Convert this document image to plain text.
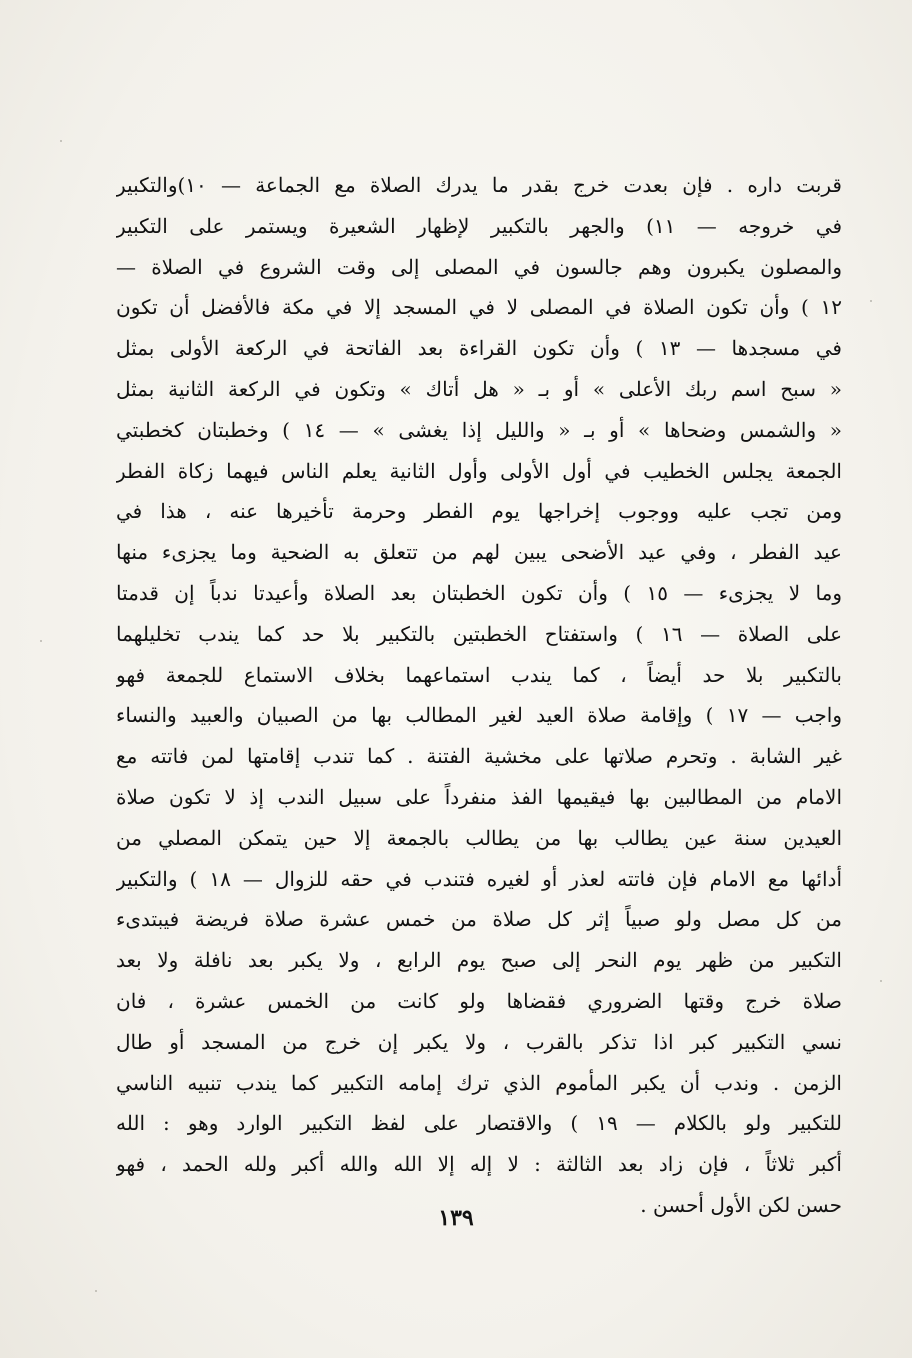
قربت داره . فإن بعدت خرج بقدر ما يدرك الصلاة مع الجماعة — ١٠)والتكبير
في خروجه — ١١) والجهر بالتكبير لإظهار الشعيرة ويستمر على التكبير
والمصلون يكبرون وهم جالسون في المصلى إلى وقت الشروع في الصلاة —
١٢ ) وأن تكون الصلاة في المصلى لا في المسجد إلا في مكة فالأفضل أن تكون
في مسجدها — ١٣ ) وأن تكون القراءة بعد الفاتحة في الركعة الأولى بمثل
« سبح اسم ربك الأعلى » أو بـ « هل أتاك » وتكون في الركعة الثانية بمثل
« والشمس وضحاها » أو بـ « والليل إذا يغشى » — ١٤ ) وخطبتان كخطبتي
الجمعة يجلس الخطيب في أول الأولى وأول الثانية يعلم الناس فيهما زكاة الفطر
ومن تجب عليه ووجوب إخراجها يوم الفطر وحرمة تأخيرها عنه ، هذا في
عيد الفطر ، وفي عيد الأضحى يبين لهم من تتعلق به الضحية وما يجزىء منها
وما لا يجزىء — ١٥ ) وأن تكون الخطبتان بعد الصلاة وأعيدتا ندباً إن قدمتا
على الصلاة — ١٦ ) واستفتاح الخطبتين بالتكبير بلا حد كما يندب تخليلهما
بالتكبير بلا حد أيضاً ، كما يندب استماعهما بخلاف الاستماع للجمعة فهو
واجب — ١٧ ) وإقامة صلاة العيد لغير المطالب بها من الصبيان والعبيد والنساء
غير الشابة . وتحرم صلاتها على مخشية الفتنة . كما تندب إقامتها لمن فاتته مع
الامام من المطالبين بها فيقيمها الفذ منفرداً على سبيل الندب إذ لا تكون صلاة
العيدين سنة عين يطالب بها من يطالب بالجمعة إلا حين يتمكن المصلي من
أدائها مع الامام فإن فاتته لعذر أو لغيره فتندب في حقه للزوال — ١٨ ) والتكبير
من كل مصل ولو صبياً إثر كل صلاة من خمس عشرة صلاة فريضة فيبتدىء
التكبير من ظهر يوم النحر إلى صبح يوم الرابع ، ولا يكبر بعد نافلة ولا بعد
صلاة خرج وقتها الضروري فقضاها ولو كانت من الخمس عشرة ، فان
نسي التكبير كبر اذا تذكر بالقرب ، ولا يكبر إن خرج من المسجد أو طال
الزمن . وندب أن يكبر المأموم الذي ترك إمامه التكبير كما يندب تنبيه الناسي
للتكبير ولو بالكلام — ١٩ ) والاقتصار على لفظ التكبير الوارد وهو : الله
أكبر ثلاثاً ، فإن زاد بعد الثالثة : لا إله إلا الله والله أكبر ولله الحمد ، فهو
حسن لكن الأول أحسن .
١٣٩
